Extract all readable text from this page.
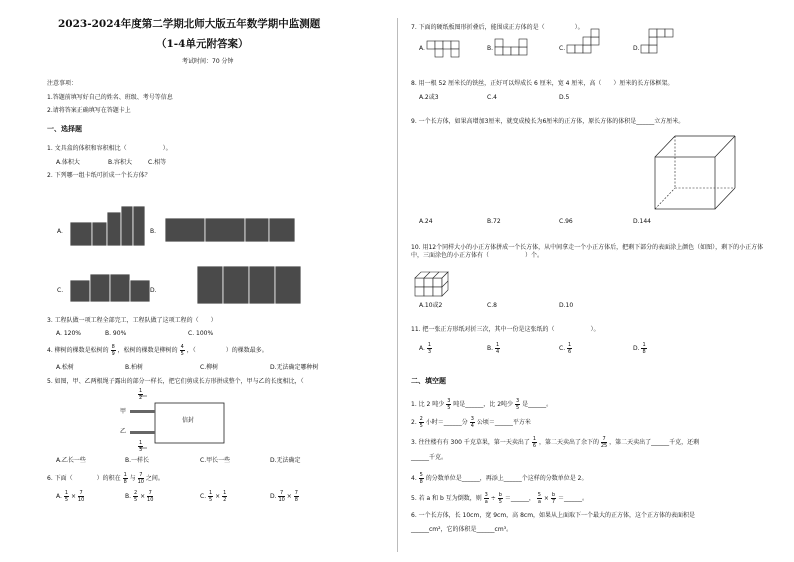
2023-2024年度第二学期北师大版五年数学期中监测题
（1-4单元附答案）
考试时间：70 分钟
注意事项：
1.答题前填写好自己的姓名、班级、考号等信息
2.请将答案正确填写在答题卡上
一、选择题
1. 文具盒的体积和容积相比（　　　　　　）。
A.体积大	B.容积大	C.相等
2. 下列哪一组卡纸可折成一个长方体？
A.	B.
C.	D.
3. 工程队做一项工程全部完工，工程队做了这项工程的（　　）
A. 120%	B. 90%	C. 100%
4. 柳树的棵数是松树的 $\frac{8}{9}$ ，松树的棵数是柳树的 $\frac{4}{5}$ ，（　　　　　）的棵数最多。
A.松树	B.柏树	C.柳树	D.无法确定哪种树
5. 如图，甲、乙两根绳子露出的部分一样长，把它们剪成长方形拼成整个，甲与乙的长度相比，（
$\frac{1}{2}$
$\frac{1}{3}$
甲
乙
信封
A.乙长一些	B.一样长	C.甲长一些	D.无法确定
6. 下面（　　　　）的积在 $\frac{1}{8}$ 与 $\frac{7}{10}$ 之间。
A. $\frac{1}{5} \times \frac{7}{10}$	B. $\frac{2}{5} \times \frac{7}{10}$	C. $\frac{1}{5} \times \frac{1}{2}$	D. $\frac{7}{10} \times \frac{7}{8}$
7. 下面的硬纸板图形折叠后，能围成正方体的是（　　　　　）。
A.	B.	C.	D.
8. 用一根 52 厘米长的铁丝，正好可以焊成长 6 厘米，宽 4 厘米，高（　　）厘米的长方体框架。
A.2或3	C.4	D.5
9. 一个长方体，如果高增加3厘米，就变成棱长为6厘米的正方体，原长方体的体积是______立方厘米。
A.24	B.72	C.96	D.144
10. 用12个同样大小的小正方体拼成一个长方体，从中间拿走一个小正方体后，把剩下部分的表面涂上颜色（如图），剩下的小正方体中，三面涂色的小正方体有（　　　　　　）个。
A.10或2	C.8	D.10
11. 把一张正方形纸对折三次，其中一份是这张纸的（　　　　　　）。
A. $\frac{1}{3}$	B. $\frac{1}{4}$	C. $\frac{1}{6}$	D. $\frac{1}{8}$
二、填空题
1. 比 2 吨少 $\frac{3}{5}$ 吨是______，比 2吨少 $\frac{3}{5}$ 是______。
2. $\frac{2}{5}$ 小时＝______分 $\frac{3}{4}$ 公顷＝______平方米
3. 往往楼有有 300 千克草果，第一天卖出了 $\frac{1}{6}$ ，第二天卖出了余下的 $\frac{7}{25}$ ，第二天卖出了______千克，还剩
______千克。
4. $\frac{5}{8}$ 的分数单位是______，再添上______个这样的分数单位是 2。
5. 若 a 和 b 互为倒数，则 $\frac{3}{a} \div \frac{b}{5}$ ＝______， $\frac{5}{a} \times \frac{b}{7}$ ＝______。
6. 一个长方体，长 10cm，宽 9cm，高 8cm，如果从上面取下一个最大的正方体，这个正方体的表面积是
______cm²，它的体积是______cm³。
